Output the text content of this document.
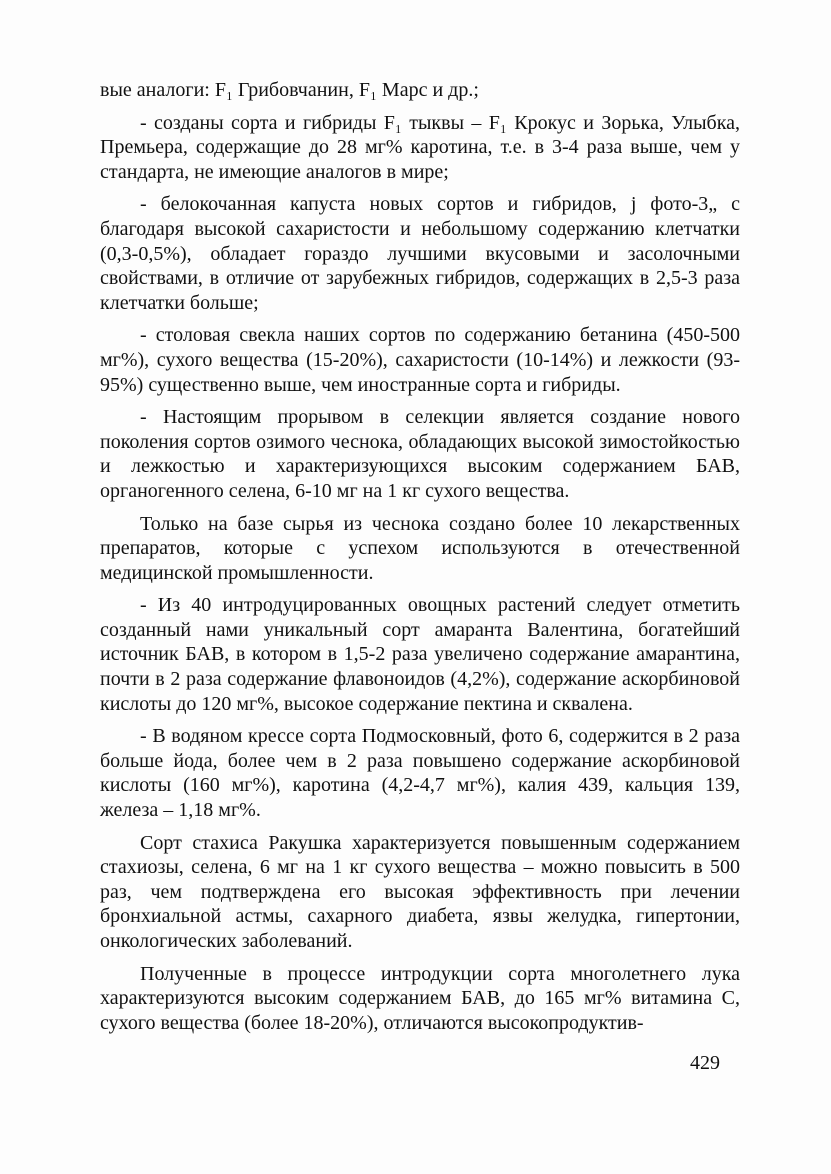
вые аналоги: F₁ Грибовчанин, F₁ Марс и др.;

- созданы сорта и гибриды F₁ тыквы – F₁ Крокус и Зорька, Улыбка, Премьера, содержащие до 28 мг% каротина, т.е. в 3-4 раза выше, чем у стандарта, не имеющие аналогов в мире;

- белокочанная капуста новых сортов и гибридов, j фото-3„ с благодаря высокой сахаристости и небольшому содержанию клетчатки (0,3-0,5%), обладает гораздо лучшими вкусовыми и засолочными свойствами, в отличие от зарубежных гибридов, содержащих в 2,5-3 раза клетчатки больше;

- столовая свекла наших сортов по содержанию бетанина (450-500 мг%), сухого вещества (15-20%), сахаристости (10-14%) и лежкости (93-95%) существенно выше, чем иностранные сорта и гибриды.

- Настоящим прорывом в селекции является создание нового поколения сортов озимого чеснока, обладающих высокой зимостойкостью и лежкостью и характеризующихся высоким содержанием БАВ, органогенного селена, 6-10 мг на 1 кг сухого вещества.

Только на базе сырья из чеснока создано более 10 лекарственных препаратов, которые с успехом используются в отечественной медицинской промышленности.

- Из 40 интродуцированных овощных растений следует отметить созданный нами уникальный сорт амаранта Валентина, богатейший источник БАВ, в котором в 1,5-2 раза увеличено содержание амарантина, почти в 2 раза содержание флавоноидов (4,2%), содержание аскорбиновой кислоты до 120 мг%, высокое содержание пектина и сквалена.

- В водяном крессе сорта Подмосковный, фото 6, содержится в 2 раза больше йода, более чем в 2 раза повышено содержание аскорбиновой кислоты (160 мг%), каротина (4,2-4,7 мг%), калия 439, кальция 139, железа – 1,18 мг%.

Сорт стахиса Ракушка характеризуется повышенным содержанием стахиозы, селена, 6 мг на 1 кг сухого вещества – можно повысить в 500 раз, чем подтверждена его высокая эффективность при лечении бронхиальной астмы, сахарного диабета, язвы желудка, гипертонии, онкологических заболеваний.

Полученные в процессе интродукции сорта многолетнего лука характеризуются высоким содержанием БАВ, до 165 мг% витамина С, сухого вещества (более 18-20%), отличаются высокопродуктив-

429
